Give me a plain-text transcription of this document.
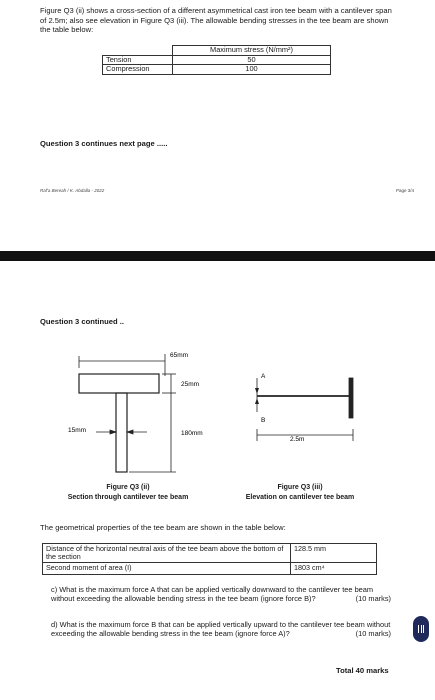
Figure Q3 (ii) shows a cross-section of a different asymmetrical cast iron tee beam with a cantilever span of 2.5m; also see elevation in Figure Q3 (iii). The allowable bending stresses in the tee beam are shown the table below:
	Maximum stress (N/mm²)
Tension	50
Compression	100
Question 3 continues next page .....
Raf'a Bereah / K. Abdalla - 2022	Page 3/4
Question 3 continued ..
65mm
25mm
180mm
15mm
A
B
2.5m
Figure Q3 (ii)
Section through cantilever tee beam
Figure Q3 (iii)
Elevation on cantilever tee beam
The geometrical properties of the tee beam are shown in the table below:
Distance of the horizontal neutral axis of the tee beam above the bottom of the section	128.5 mm
Second moment of area (I)	1803 cm⁴
c) What is the maximum force A that can be applied vertically downward to the cantilever tee beam without exceeding the allowable bending stress in the tee beam (ignore force B)?	(10 marks)
d) What is the maximum force B that can be applied vertically upward to the cantilever tee beam without exceeding the allowable bending stress in the tee beam (ignore force A)?	(10 marks)
Total 40 marks
